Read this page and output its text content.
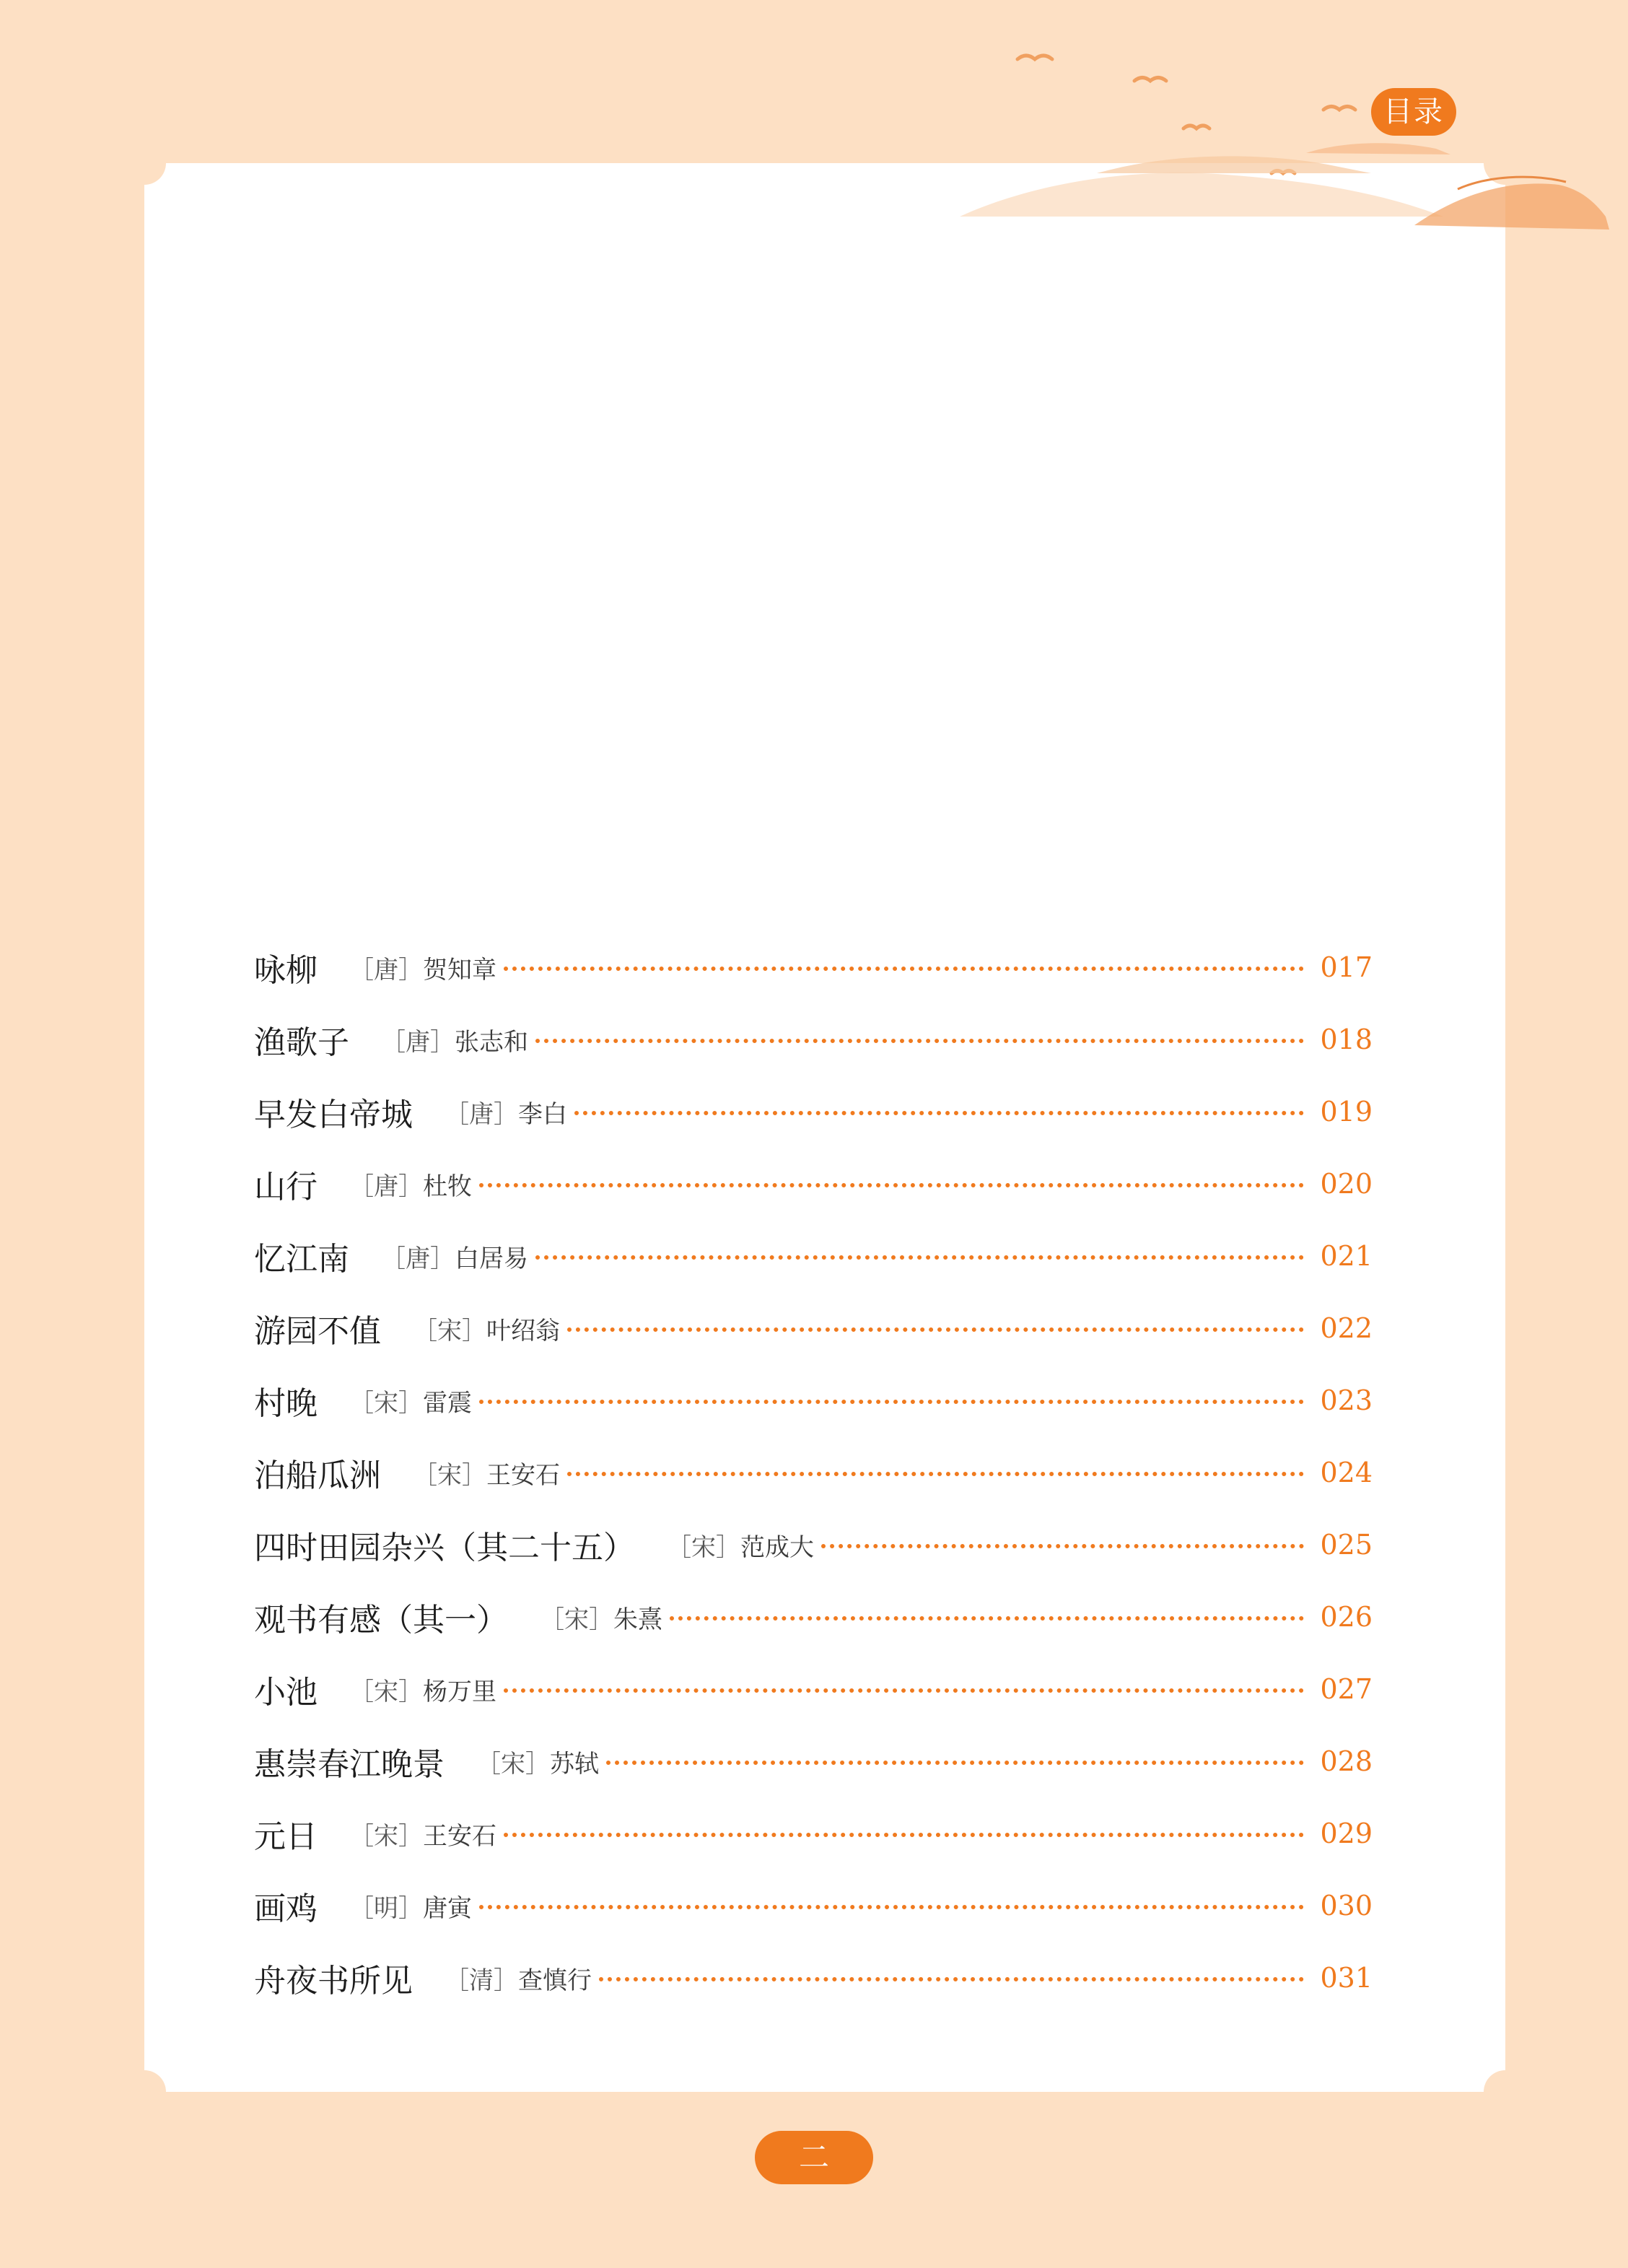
目录
咏柳 ［唐］贺知章	017
渔歌子 ［唐］张志和	018
早发白帝城 ［唐］李白	019
山行 ［唐］杜牧	020
忆江南 ［唐］白居易	021
游园不值 ［宋］叶绍翁	022
村晚 ［宋］雷震	023
泊船瓜洲 ［宋］王安石	024
四时田园杂兴（其二十五） ［宋］范成大	025
观书有感（其一） ［宋］朱熹	026
小池 ［宋］杨万里	027
惠崇春江晚景 ［宋］苏轼	028
元日 ［宋］王安石	029
画鸡 ［明］唐寅	030
舟夜书所见 ［清］查慎行	031
二
